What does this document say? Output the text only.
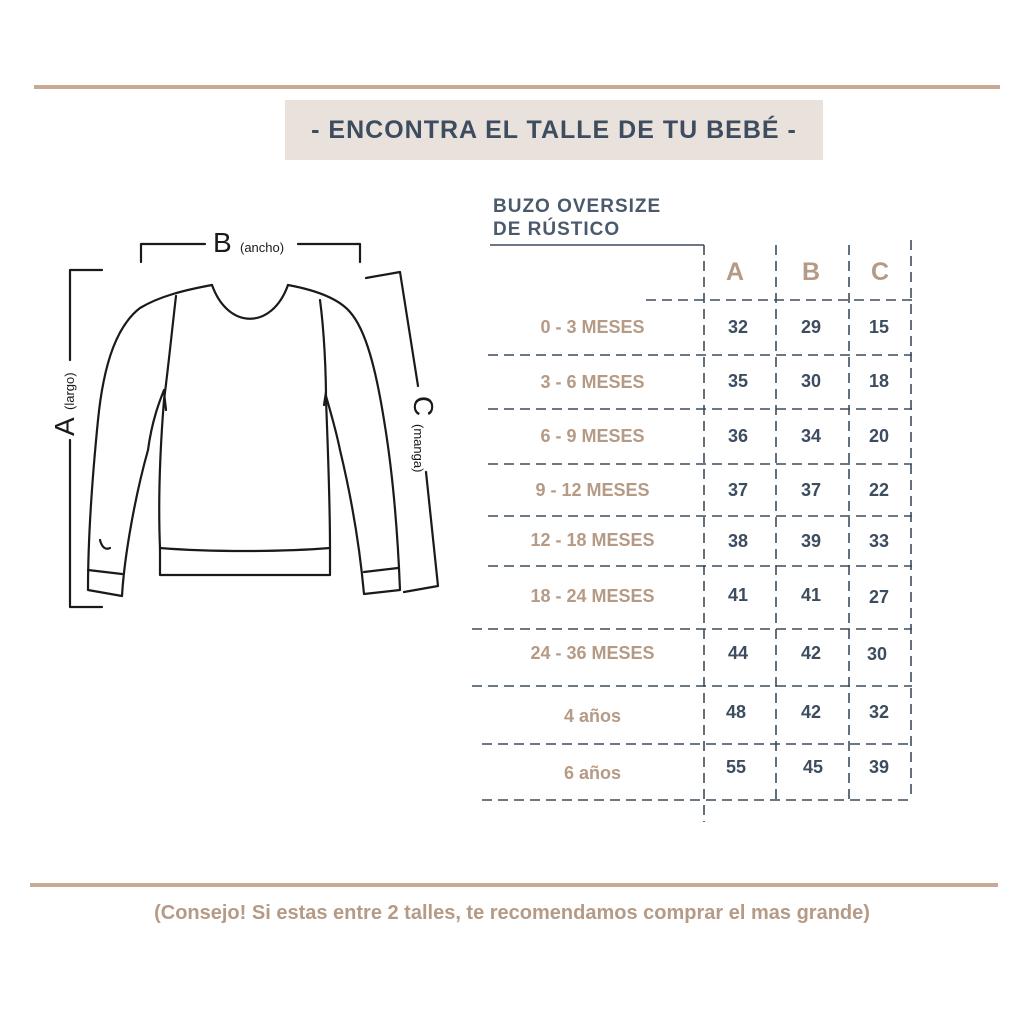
- ENCONTRA EL TALLE DE TU BEBÉ -
BUZO OVERSIZE
DE RÚSTICO
B (ancho)
A
(largo)	C
(manga)
A	B	C
0 - 3 MESES	32	29	15
3 - 6 MESES	35	30	18
6 - 9 MESES	36	34	20
9 - 12 MESES	37	37	22
12 - 18 MESES	38	39	33
18 - 24 MESES	41	41	27
24 - 36 MESES	44	42	30
4 años	48	42	32
6 años	55	45	39
(Consejo! Si estas entre 2 talles, te recomendamos comprar el mas grande)
